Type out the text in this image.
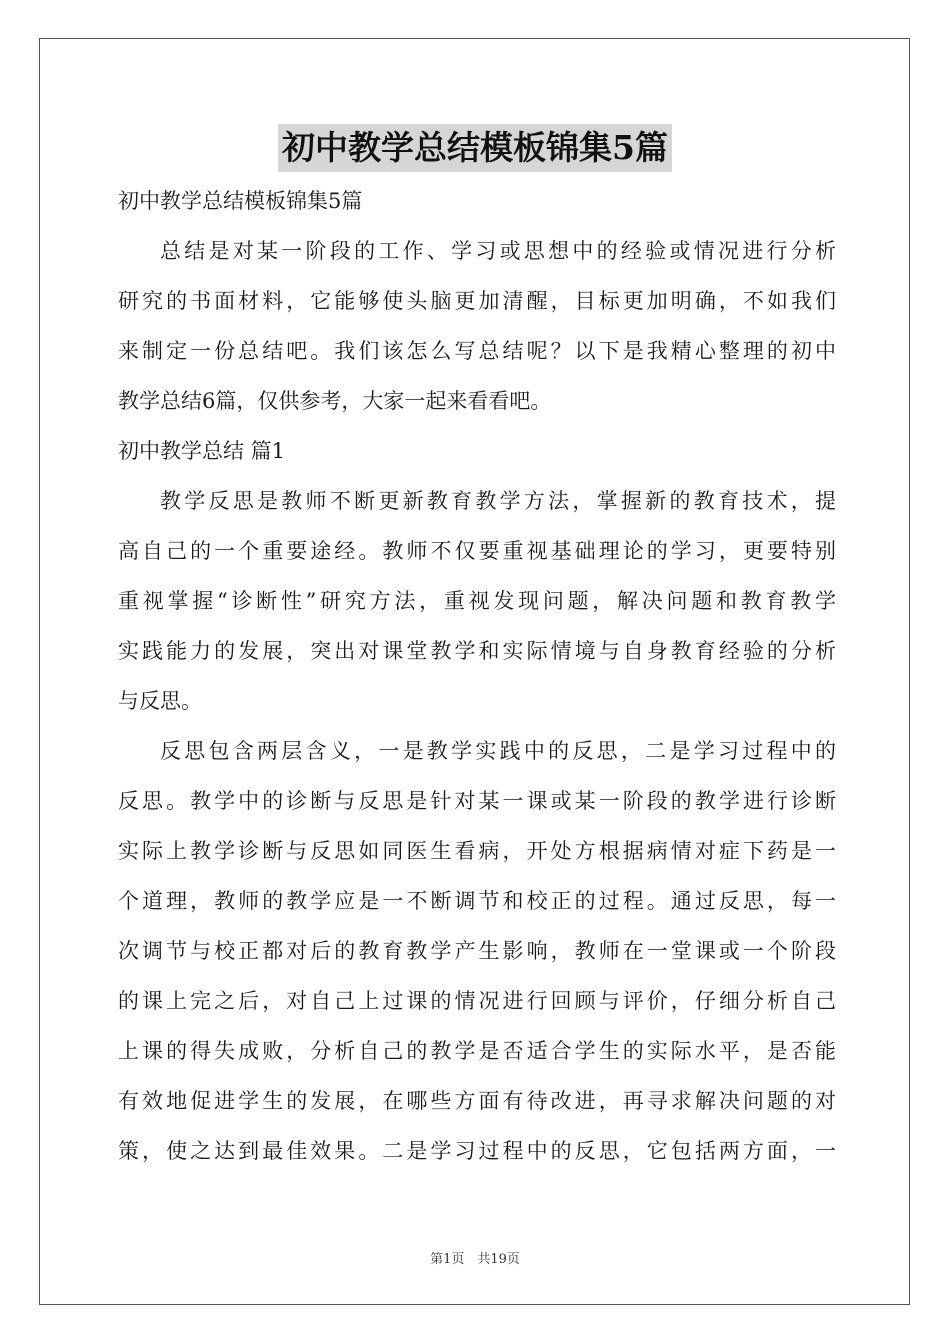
初中教学总结模板锦集5篇
初中教学总结模板锦集5篇
总结是对某一阶段的工作、学习或思想中的经验或情况进行分析
研究的书面材料，它能够使头脑更加清醒，目标更加明确，不如我们
来制定一份总结吧。我们该怎么写总结呢？以下是我精心整理的初中
教学总结6篇，仅供参考，大家一起来看看吧。
初中教学总结 篇1
教学反思是教师不断更新教育教学方法，掌握新的教育技术，提
高自己的一个重要途经。教师不仅要重视基础理论的学习，更要特别
重视掌握“诊断性”研究方法，重视发现问题，解决问题和教育教学
实践能力的发展，突出对课堂教学和实际情境与自身教育经验的分析
与反思。
反思包含两层含义，一是教学实践中的反思，二是学习过程中的
反思。教学中的诊断与反思是针对某一课或某一阶段的教学进行诊断
实际上教学诊断与反思如同医生看病，开处方根据病情对症下药是一
个道理，教师的教学应是一不断调节和校正的过程。通过反思，每一
次调节与校正都对后的教育教学产生影响，教师在一堂课或一个阶段
的课上完之后，对自己上过课的情况进行回顾与评价，仔细分析自己
上课的得失成败，分析自己的教学是否适合学生的实际水平，是否能
有效地促进学生的发展，在哪些方面有待改进，再寻求解决问题的对
策，使之达到最佳效果。二是学习过程中的反思，它包括两方面，一
第1页　共19页
